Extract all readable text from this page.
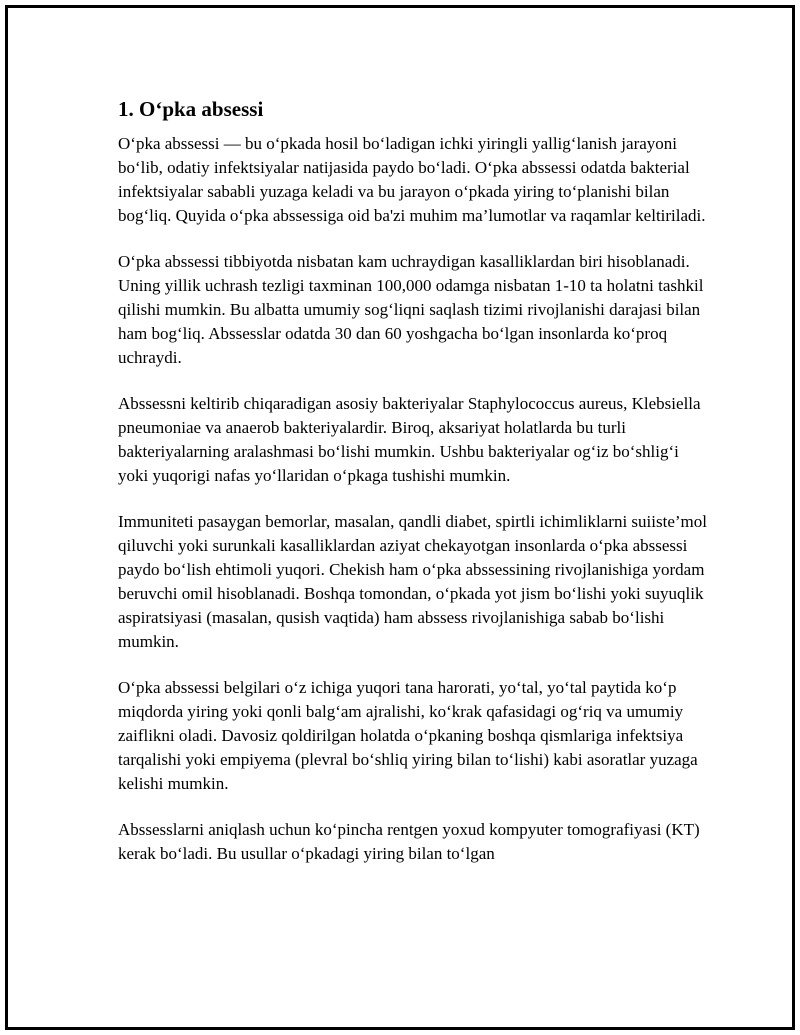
1. O‘pka absessi

O‘pka abssessi — bu o‘pkada hosil bo‘ladigan ichki yiringli yallig‘lanish jarayoni bo‘lib, odatiy infektsiyalar natijasida paydo bo‘ladi. O‘pka abssessi odatda bakterial infektsiyalar sababli yuzaga keladi va bu jarayon o‘pkada yiring to‘planishi bilan bog‘liq. Quyida o‘pka abssessiga oid ba'zi muhim ma’lumotlar va raqamlar keltiriladi.

O‘pka abssessi tibbiyotda nisbatan kam uchraydigan kasalliklardan biri hisoblanadi. Uning yillik uchrash tezligi taxminan 100,000 odamga nisbatan 1-10 ta holatni tashkil qilishi mumkin. Bu albatta umumiy sog‘liqni saqlash tizimi rivojlanishi darajasi bilan ham bog‘liq. Abssesslar odatda 30 dan 60 yoshgacha bo‘lgan insonlarda ko‘proq uchraydi.

Abssessni keltirib chiqaradigan asosiy bakteriyalar Staphylococcus aureus, Klebsiella pneumoniae va anaerob bakteriyalardir. Biroq, aksariyat holatlarda bu turli bakteriyalarning aralashmasi bo‘lishi mumkin. Ushbu bakteriyalar og‘iz bo‘shlig‘i yoki yuqorigi nafas yo‘llaridan o‘pkaga tushishi mumkin.

Immuniteti pasaygan bemorlar, masalan, qandli diabet, spirtli ichimliklarni suiiste’mol qiluvchi yoki surunkali kasalliklardan aziyat chekayotgan insonlarda o‘pka abssessi paydo bo‘lish ehtimoli yuqori. Chekish ham o‘pka abssessining rivojlanishiga yordam beruvchi omil hisoblanadi. Boshqa tomondan, o‘pkada yot jism bo‘lishi yoki suyuqlik aspiratsiyasi (masalan, qusish vaqtida) ham abssess rivojlanishiga sabab bo‘lishi mumkin.

O‘pka abssessi belgilari o‘z ichiga yuqori tana harorati, yo‘tal, yo‘tal paytida ko‘p miqdorda yiring yoki qonli balg‘am ajralishi, ko‘krak qafasidagi og‘riq va umumiy zaiflikni oladi. Davosiz qoldirilgan holatda o‘pkaning boshqa qismlariga infektsiya tarqalishi yoki empiyema (plevral bo‘shliq yiring bilan to‘lishi) kabi asoratlar yuzaga kelishi mumkin.

Abssesslarni aniqlash uchun ko‘pincha rentgen yoxud kompyuter tomografiyasi (KT) kerak bo‘ladi. Bu usullar o‘pkadagi yiring bilan to‘lgan
